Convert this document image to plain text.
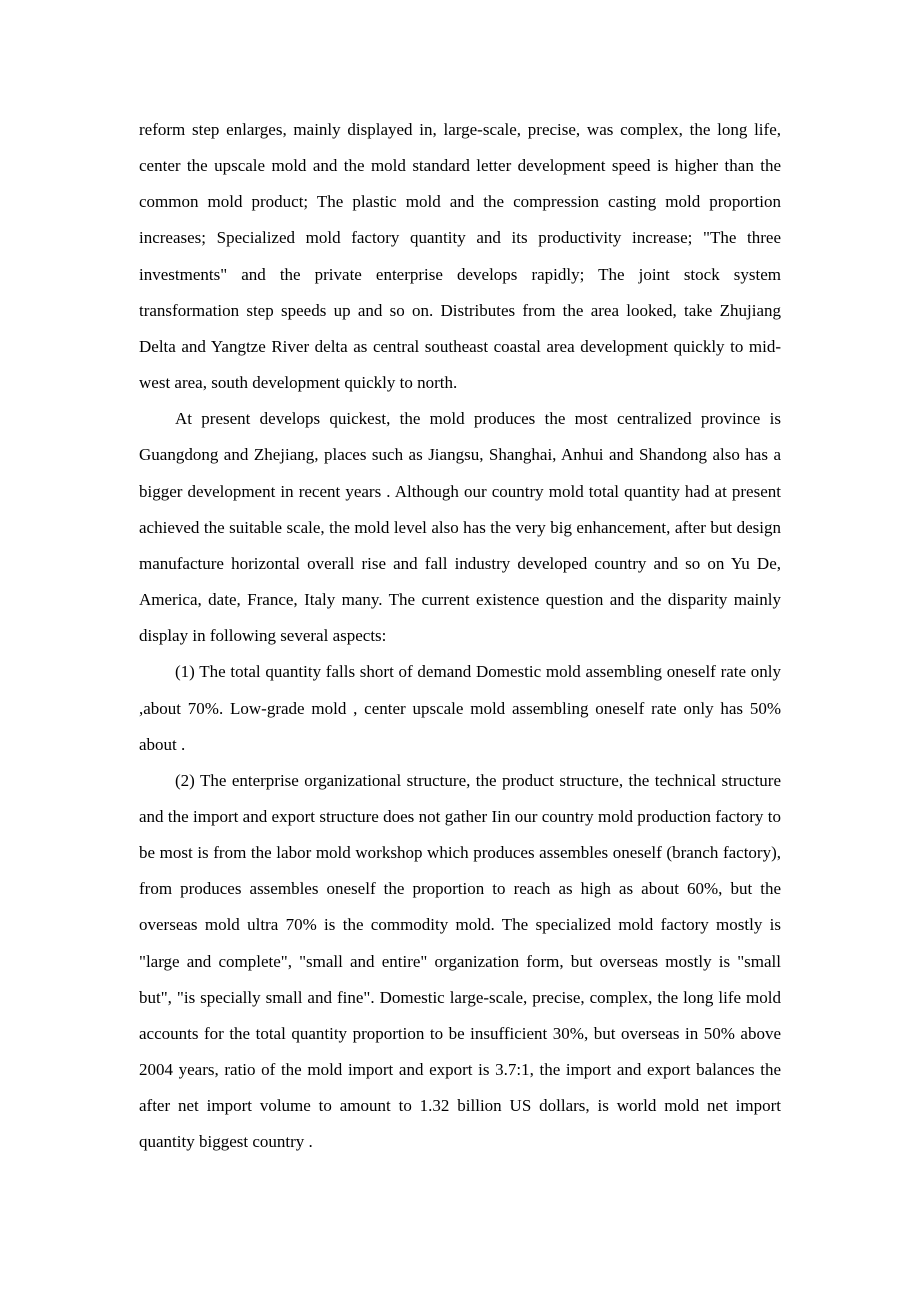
reform step enlarges, mainly displayed in, large-scale, precise, was complex, the long life, center the upscale mold and the mold standard letter development speed is higher than the common mold product; The plastic mold and the compression casting mold proportion increases; Specialized mold factory quantity and its productivity increase; "The three investments" and the private enterprise develops rapidly; The joint stock system transformation step speeds up and so on. Distributes from the area looked, take Zhujiang Delta and Yangtze River delta as central southeast coastal area development quickly to mid-west area, south development quickly to north.

At present develops quickest, the mold produces the most centralized province is Guangdong and Zhejiang, places such as Jiangsu, Shanghai, Anhui and Shandong also has a bigger development in recent years . Although our country mold total quantity had at present achieved the suitable scale, the mold level also has the very big enhancement, after but design manufacture horizontal overall rise and fall industry developed country and so on Yu De, America, date, France, Italy many. The current existence question and the disparity mainly display in following several aspects:

(1) The total quantity falls short of demand Domestic mold assembling oneself rate only ,about 70%. Low-grade mold , center upscale mold assembling oneself rate only has 50% about .

(2) The enterprise organizational structure, the product structure, the technical structure and the import and export structure does not gather Iin our country mold production factory to be most is from the labor mold workshop which produces assembles oneself (branch factory), from produces assembles oneself the proportion to reach as high as about 60%, but the overseas mold ultra 70% is the commodity mold. The specialized mold factory mostly is "large and complete", "small and entire" organization form, but overseas mostly is "small but", "is specially small and fine". Domestic large-scale, precise, complex, the long life mold accounts for the total quantity proportion to be insufficient 30%, but overseas in 50% above 2004 years, ratio of the mold import and export is 3.7:1, the import and export balances the after net import volume to amount to 1.32 billion US dollars, is world mold net import quantity biggest country .
